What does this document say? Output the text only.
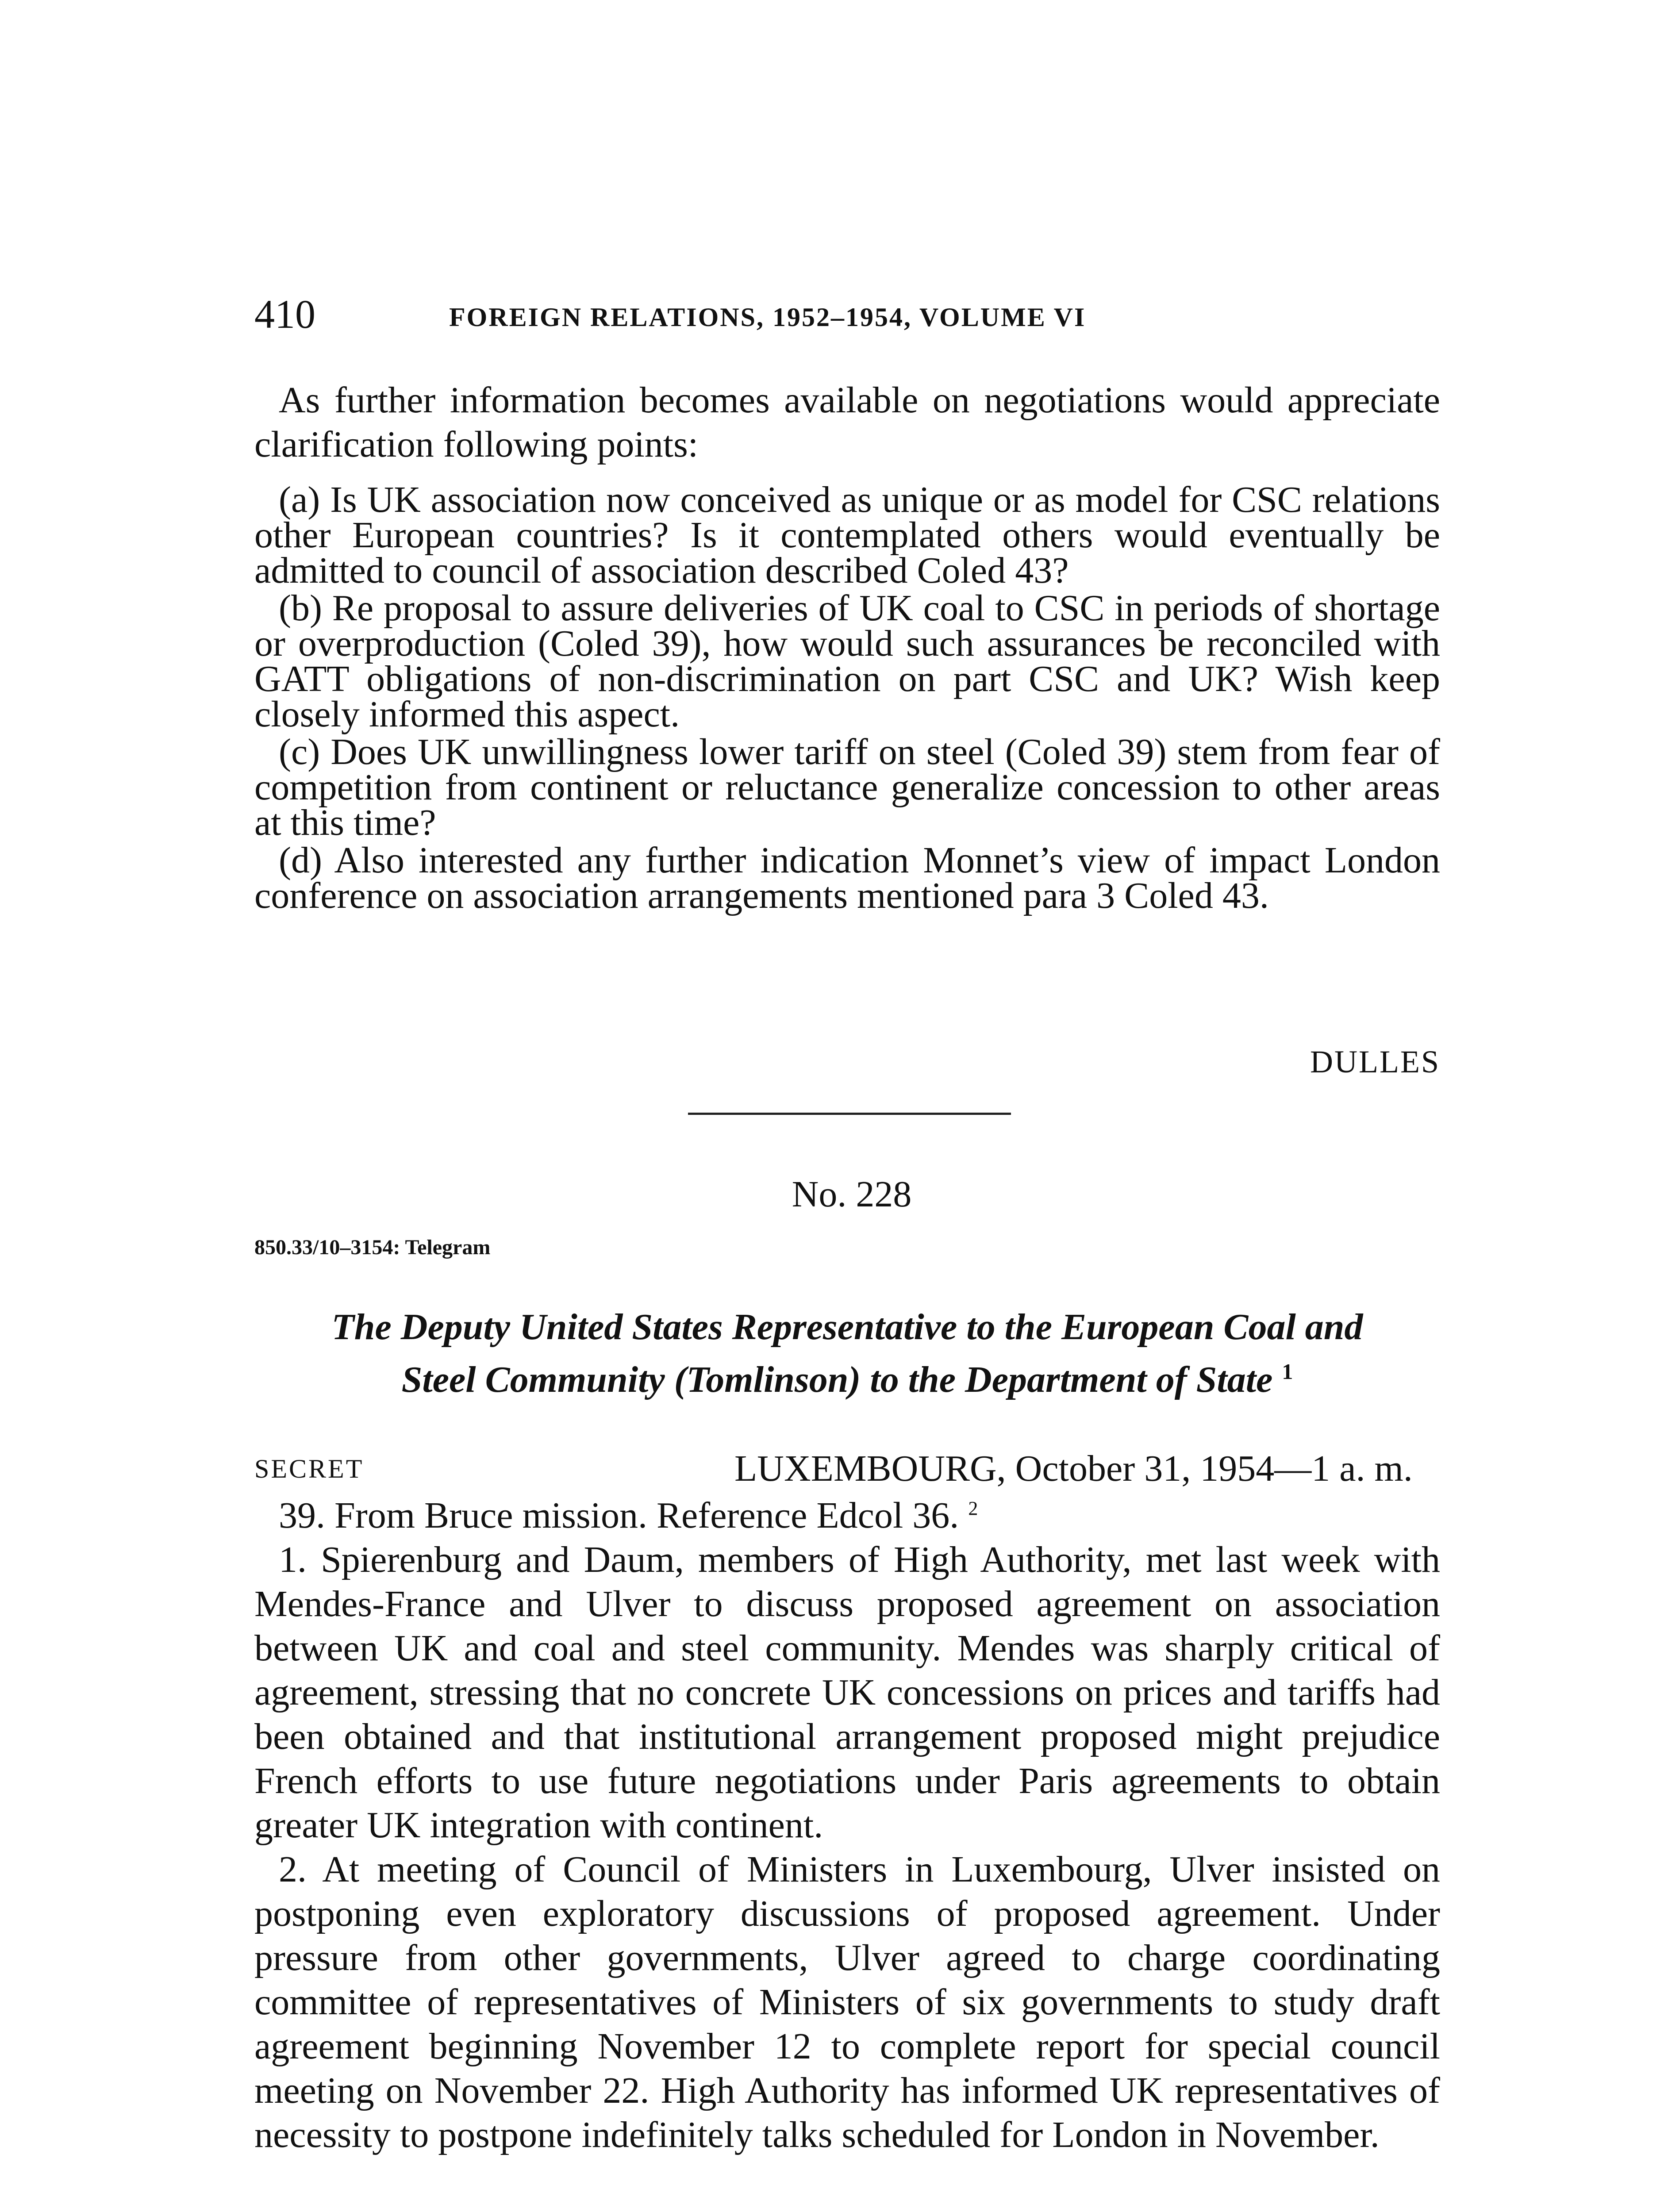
410	FOREIGN RELATIONS, 1952–1954, VOLUME VI

As further information becomes available on negotiations would appreciate clarification following points:

(a) Is UK association now conceived as unique or as model for CSC relations other European countries? Is it contemplated others would eventually be admitted to council of association described Coled 43?

(b) Re proposal to assure deliveries of UK coal to CSC in periods of shortage or overproduction (Coled 39), how would such assurances be reconciled with GATT obligations of non-discrimination on part CSC and UK? Wish keep closely informed this aspect.

(c) Does UK unwillingness lower tariff on steel (Coled 39) stem from fear of competition from continent or reluctance generalize concession to other areas at this time?

(d) Also interested any further indication Monnet’s view of impact London conference on association arrangements mentioned para 3 Coled 43.

DULLES
No. 228
850.33/10–3154: Telegram
The Deputy United States Representative to the European Coal and
Steel Community (Tomlinson) to the Department of State $^1$
SECRET	LUXEMBOURG, October 31, 1954—1 a. m.

39. From Bruce mission. Reference Edcol 36. $^2$

1. Spierenburg and Daum, members of High Authority, met last week with Mendes-France and Ulver to discuss proposed agreement on association between UK and coal and steel community. Mendes was sharply critical of agreement, stressing that no concrete UK concessions on prices and tariffs had been obtained and that institutional arrangement proposed might prejudice French efforts to use future negotiations under Paris agreements to obtain greater UK integration with continent.

2. At meeting of Council of Ministers in Luxembourg, Ulver insisted on postponing even exploratory discussions of proposed agreement. Under pressure from other governments, Ulver agreed to charge coordinating committee of representatives of Ministers of six governments to study draft agreement beginning November 12 to complete report for special council meeting on November 22. High Authority has informed UK representatives of necessity to postpone indefinitely talks scheduled for London in November.
